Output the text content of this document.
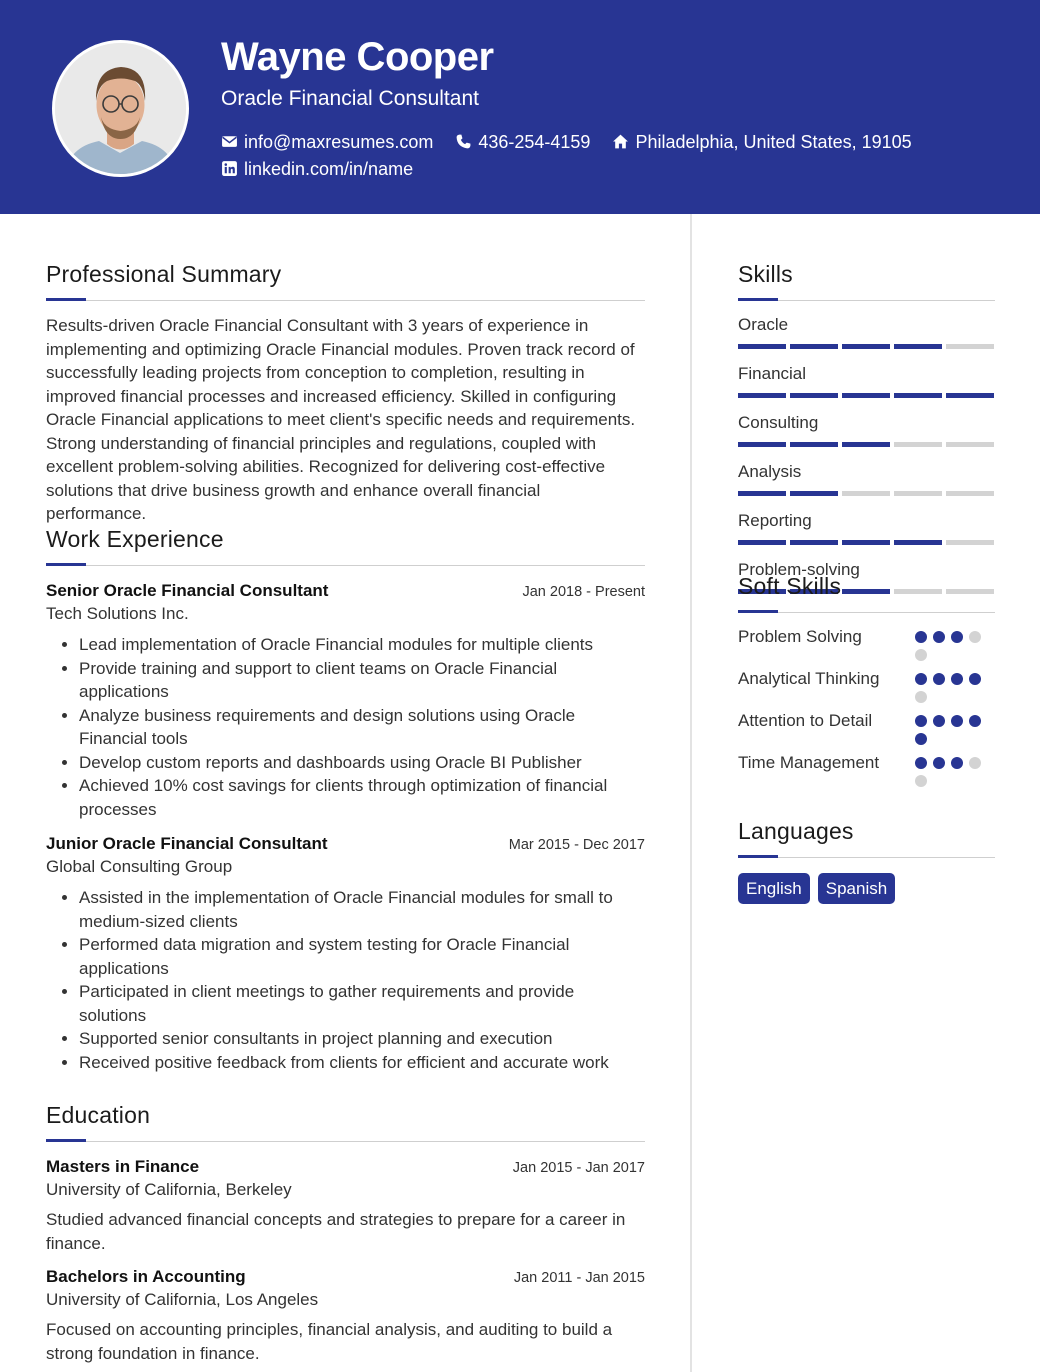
Wayne Cooper
Oracle Financial Consultant
info@maxresumes.com	436-254-4159	Philadelphia, United States, 19105
linkedin.com/in/name
Professional Summary
Results-driven Oracle Financial Consultant with 3 years of experience in implementing and optimizing Oracle Financial modules. Proven track record of successfully leading projects from conception to completion, resulting in improved financial processes and increased efficiency. Skilled in configuring Oracle Financial applications to meet client's specific needs and requirements. Strong understanding of financial principles and regulations, coupled with excellent problem-solving abilities. Recognized for delivering cost-effective solutions that drive business growth and enhance overall financial performance.
Work Experience
Senior Oracle Financial Consultant	Jan 2018 - Present
Tech Solutions Inc.
• Lead implementation of Oracle Financial modules for multiple clients
• Provide training and support to client teams on Oracle Financial applications
• Analyze business requirements and design solutions using Oracle Financial tools
• Develop custom reports and dashboards using Oracle BI Publisher
• Achieved 10% cost savings for clients through optimization of financial processes
Junior Oracle Financial Consultant	Mar 2015 - Dec 2017
Global Consulting Group
• Assisted in the implementation of Oracle Financial modules for small to medium-sized clients
• Performed data migration and system testing for Oracle Financial applications
• Participated in client meetings to gather requirements and provide solutions
• Supported senior consultants in project planning and execution
• Received positive feedback from clients for efficient and accurate work
Education
Masters in Finance	Jan 2015 - Jan 2017
University of California, Berkeley
Studied advanced financial concepts and strategies to prepare for a career in finance.
Bachelors in Accounting	Jan 2011 - Jan 2015
University of California, Los Angeles
Focused on accounting principles, financial analysis, and auditing to build a strong foundation in finance.
Skills
Oracle
Financial
Consulting
Analysis
Reporting
Problem-solving
Soft Skills
Problem Solving
Analytical Thinking
Attention to Detail
Time Management
Languages
English	Spanish
